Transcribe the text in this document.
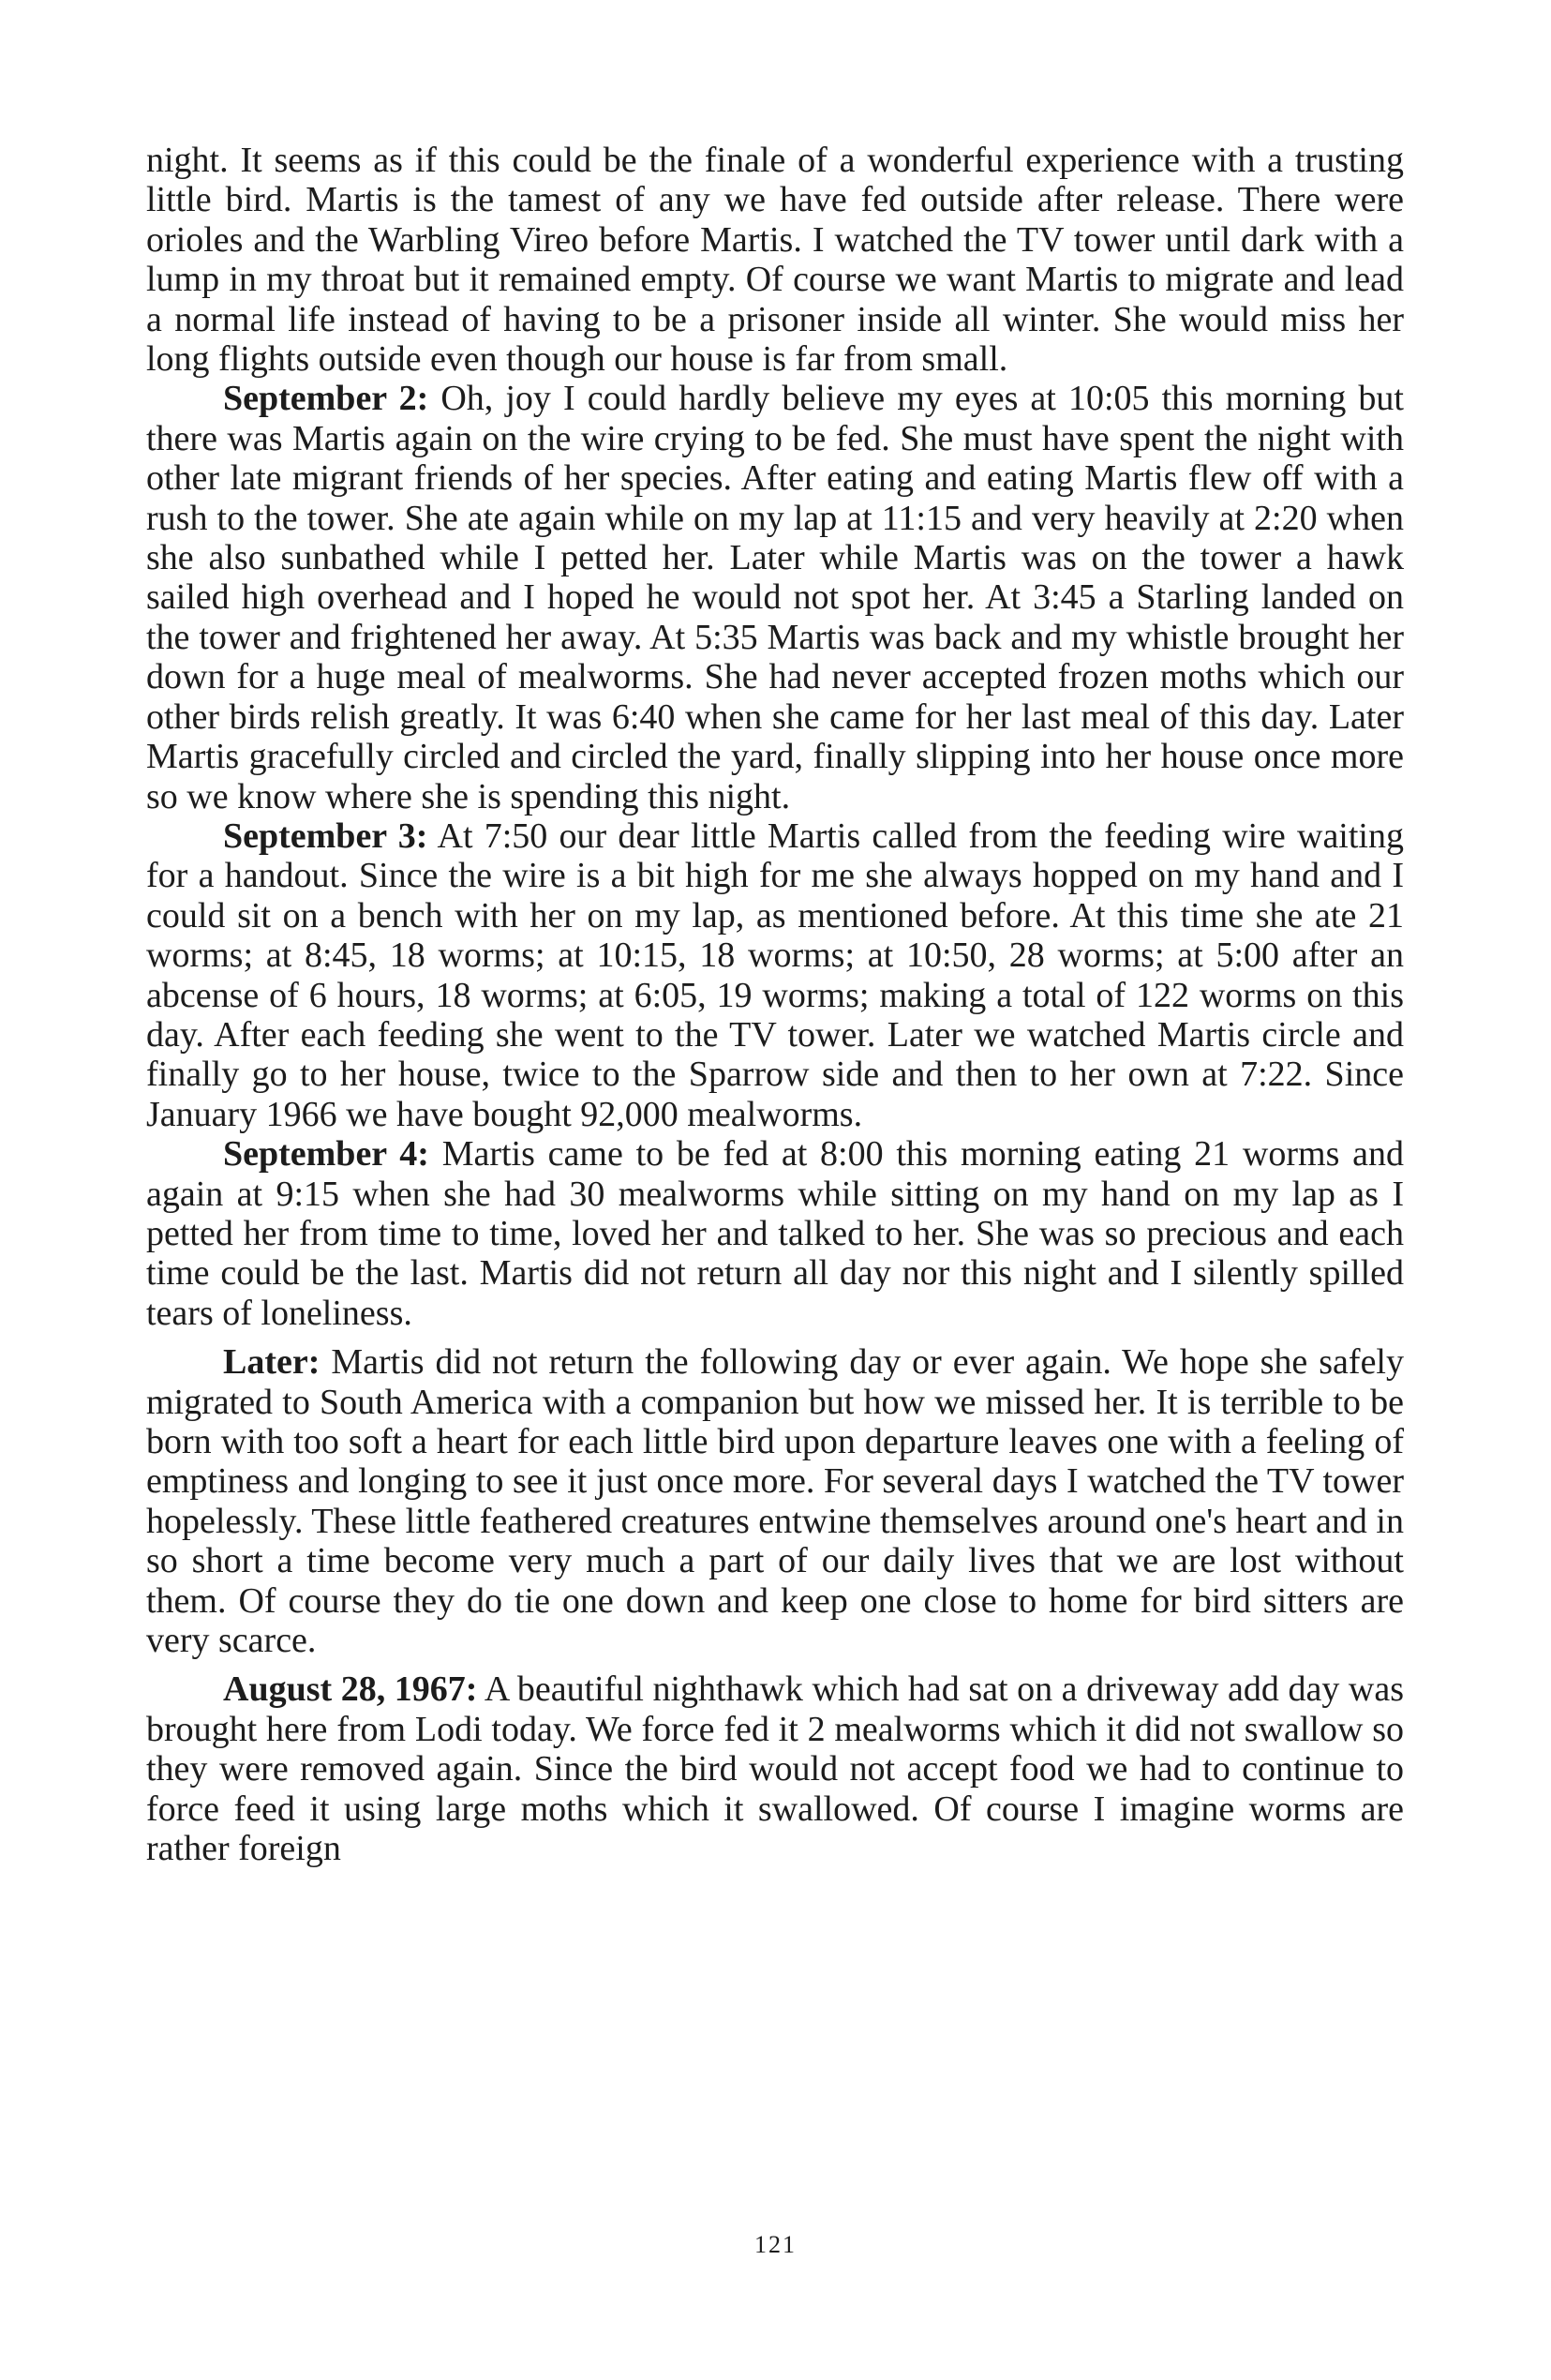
night. It seems as if this could be the finale of a wonderful experience with a trusting little bird. Martis is the tamest of any we have fed outside after release. There were orioles and the Warbling Vireo before Martis. I watched the TV tower until dark with a lump in my throat but it remained empty. Of course we want Martis to migrate and lead a normal life instead of having to be a prisoner inside all winter. She would miss her long flights outside even though our house is far from small.

September 2: Oh, joy I could hardly believe my eyes at 10:05 this morning but there was Martis again on the wire crying to be fed. She must have spent the night with other late migrant friends of her species. After eating and eating Martis flew off with a rush to the tower. She ate again while on my lap at 11:15 and very heavily at 2:20 when she also sunbathed while I petted her. Later while Martis was on the tower a hawk sailed high overhead and I hoped he would not spot her. At 3:45 a Starling landed on the tower and frightened her away. At 5:35 Martis was back and my whistle brought her down for a huge meal of mealworms. She had never accepted frozen moths which our other birds relish greatly. It was 6:40 when she came for her last meal of this day. Later Martis gracefully circled and circled the yard, finally slipping into her house once more so we know where she is spending this night.

September 3: At 7:50 our dear little Martis called from the feeding wire waiting for a handout. Since the wire is a bit high for me she always hopped on my hand and I could sit on a bench with her on my lap, as mentioned before. At this time she ate 21 worms; at 8:45, 18 worms; at 10:15, 18 worms; at 10:50, 28 worms; at 5:00 after an abcense of 6 hours, 18 worms; at 6:05, 19 worms; making a total of 122 worms on this day. After each feeding she went to the TV tower. Later we watched Martis circle and finally go to her house, twice to the Sparrow side and then to her own at 7:22. Since January 1966 we have bought 92,000 mealworms.

September 4: Martis came to be fed at 8:00 this morning eating 21 worms and again at 9:15 when she had 30 mealworms while sitting on my hand on my lap as I petted her from time to time, loved her and talked to her. She was so precious and each time could be the last. Martis did not return all day nor this night and I silently spilled tears of loneliness.

Later: Martis did not return the following day or ever again. We hope she safely migrated to South America with a companion but how we missed her. It is terrible to be born with too soft a heart for each little bird upon departure leaves one with a feeling of emptiness and longing to see it just once more. For several days I watched the TV tower hopelessly. These little feathered creatures entwine themselves around one's heart and in so short a time become very much a part of our daily lives that we are lost without them. Of course they do tie one down and keep one close to home for bird sitters are very scarce.

August 28, 1967: A beautiful nighthawk which had sat on a driveway add day was brought here from Lodi today. We force fed it 2 mealworms which it did not swallow so they were removed again. Since the bird would not accept food we had to continue to force feed it using large moths which it swallowed. Of course I imagine worms are rather foreign

121
